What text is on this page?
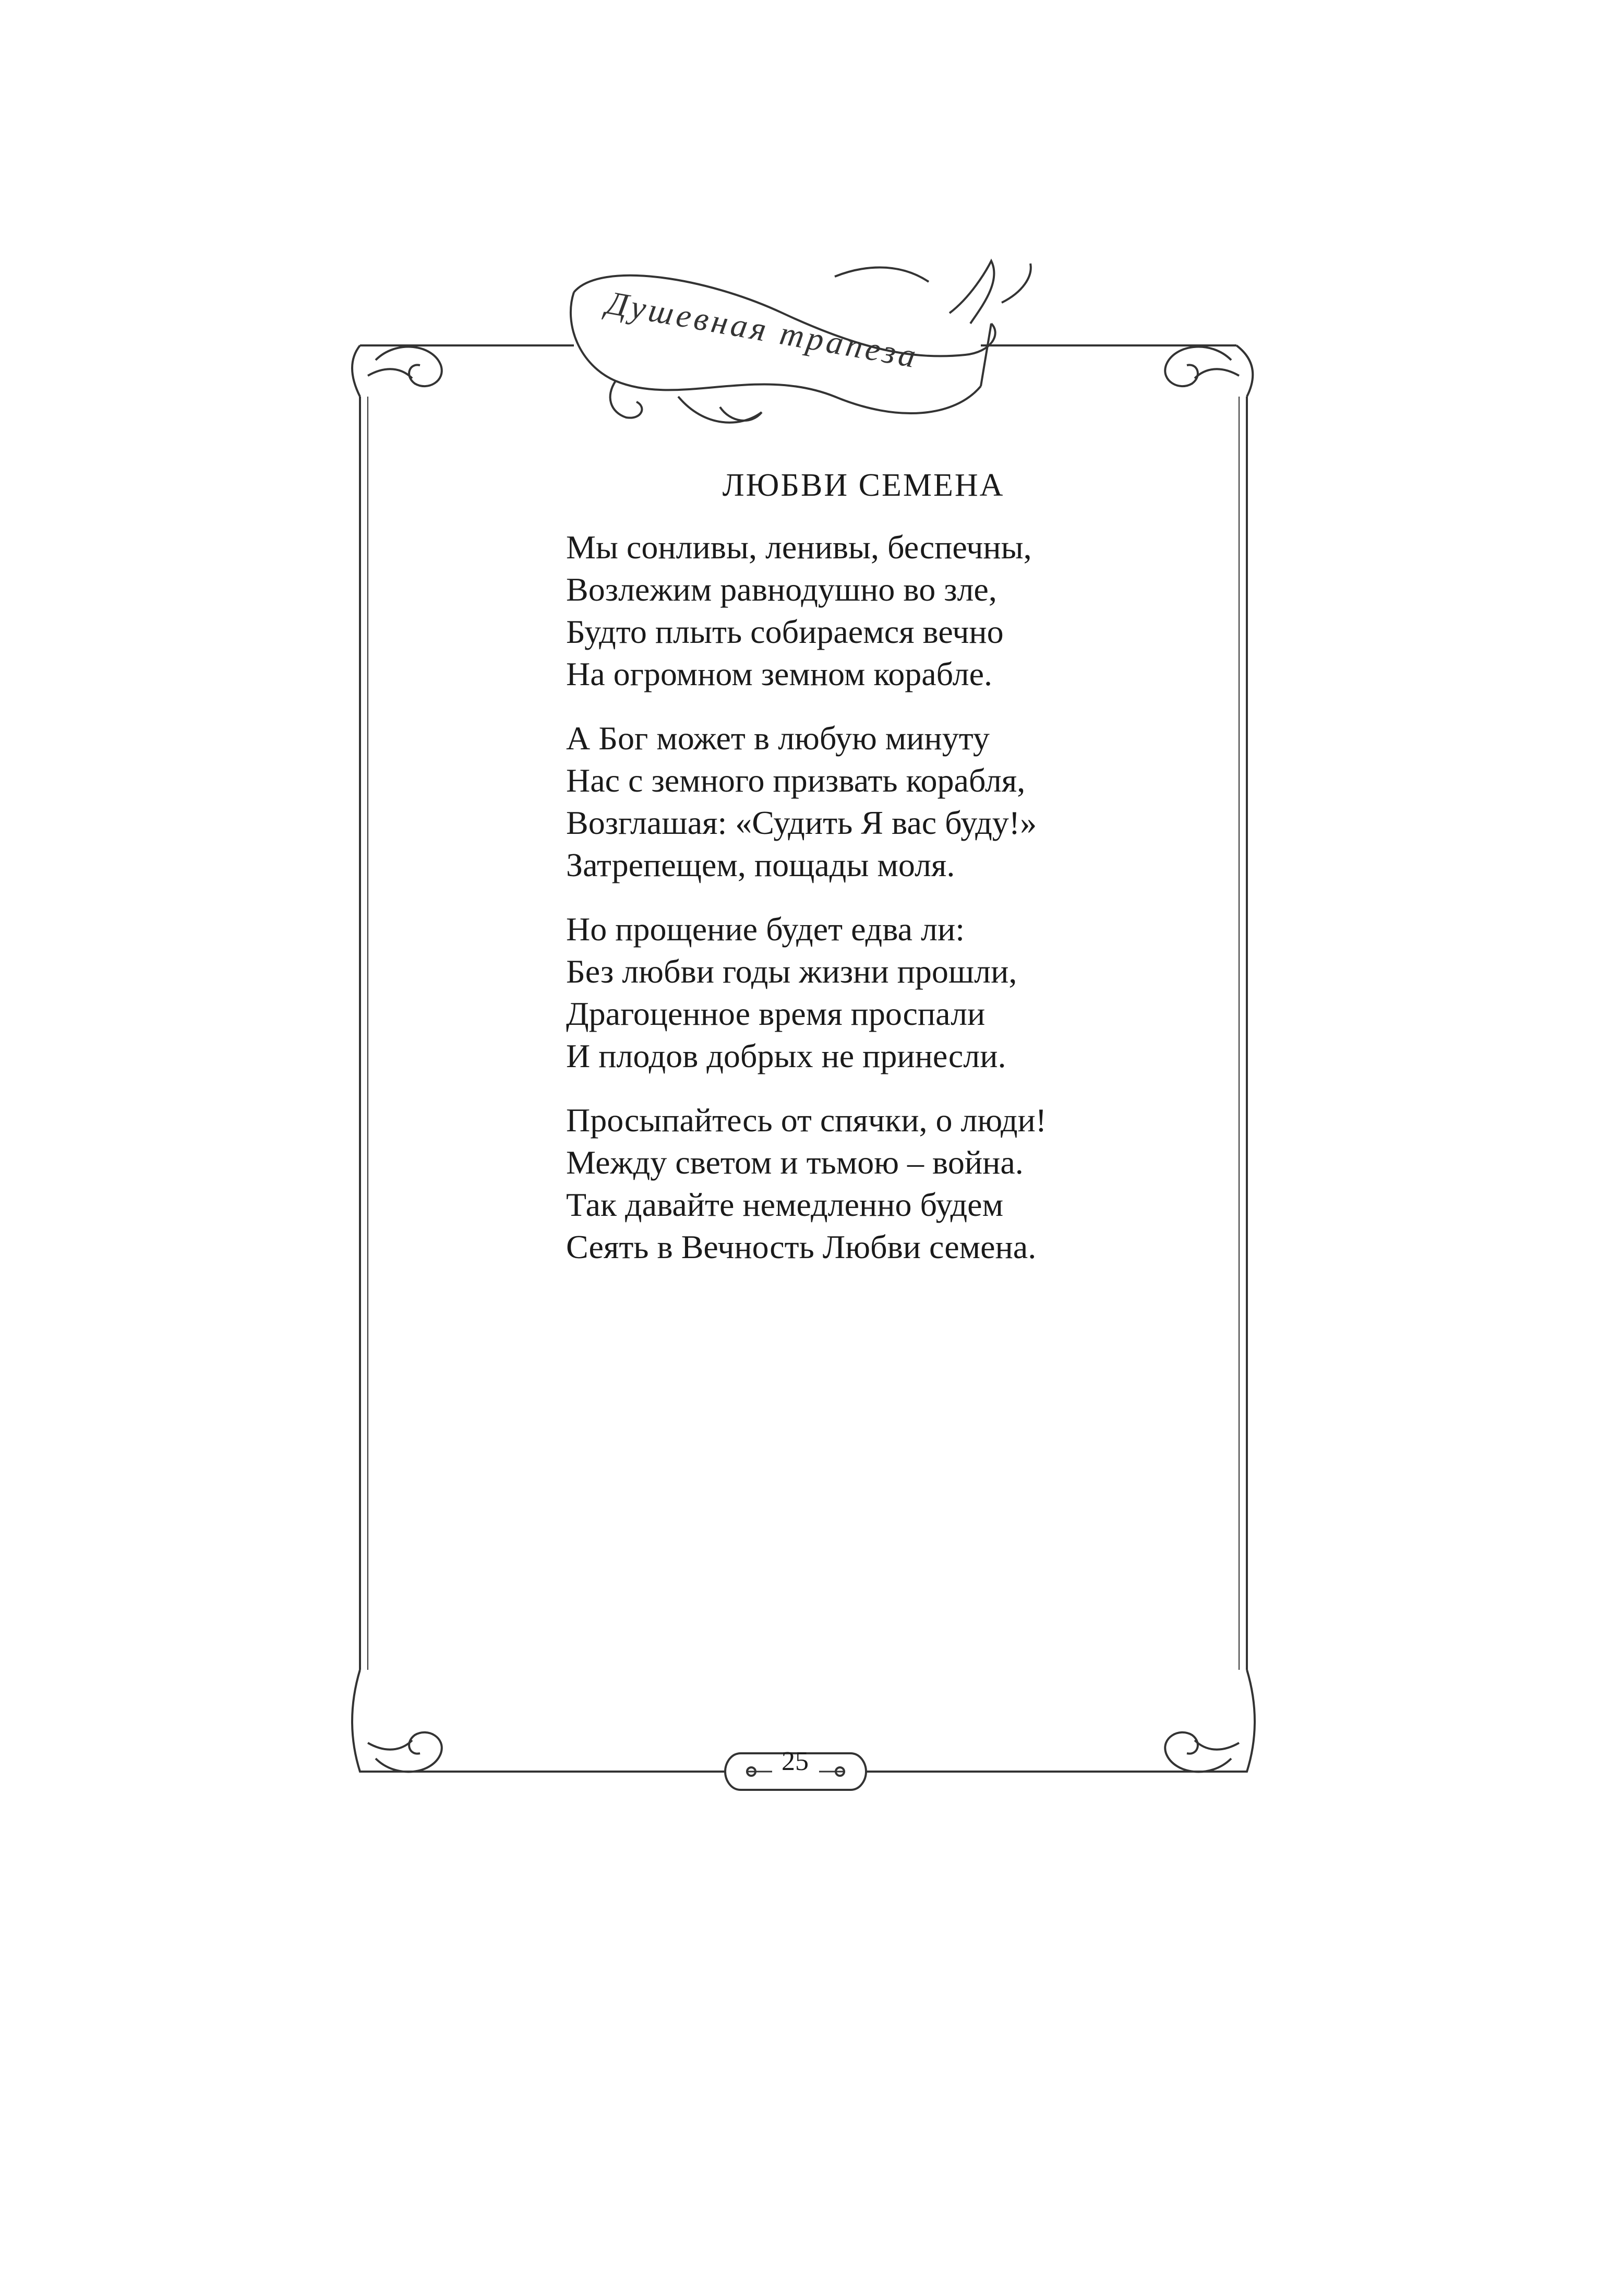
Душевная трапеза
ЛЮБВИ СЕМЕНА
Мы сонливы, ленивы, беспечны,
Возлежим равнодушно во зле,
Будто плыть собираемся вечно
На огромном земном корабле.
А Бог может в любую минуту
Нас с земного призвать корабля,
Возглашая: «Судить Я вас буду!»
Затрепещем, пощады моля.
Но прощение будет едва ли:
Без любви годы жизни прошли,
Драгоценное время проспали
И плодов добрых не принесли.
Просыпайтесь от спячки, о люди!
Между светом и тьмою – война.
Так давайте немедленно будем
Сеять в Вечность Любви семена.
25
